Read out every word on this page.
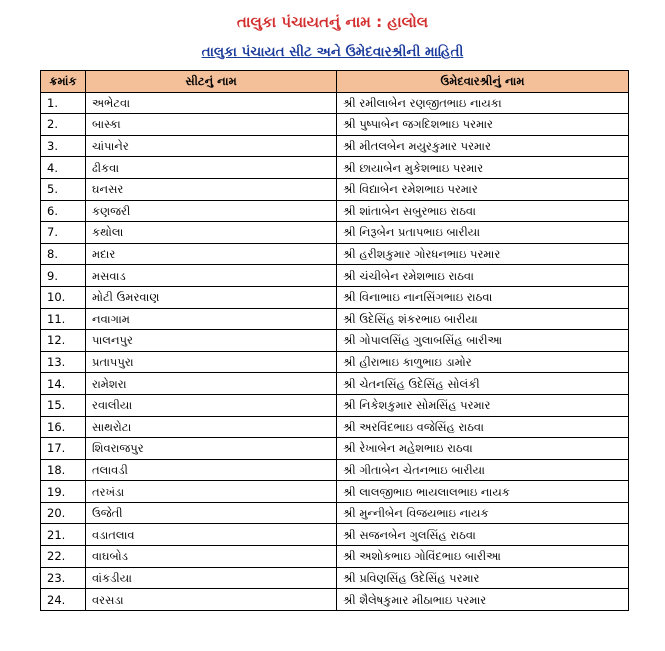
તાલુકા પંચાયતનું નામ : હાલોલ
તાલુકા પંચાયત સીટ અને ઉમેદવારશ્રીની માહિતી
ક્રમાંક	સીટનું નામ	ઉમેદવારશ્રીનું નામ
1.	અભેટવા	શ્રી રમીલાબેન રણજીતભાઇ નાયકા
2.	બાસ્કા	શ્રી પુષ્પાબેન જગદિશભાઇ પરમાર
3.	ચાંપાનેર	શ્રી મીતલબેન મયુરકુમાર પરમાર
4.	ઢીકવા	શ્રી છાયાબેન મુકેશભાઇ પરમાર
5.	ઘનસર	શ્રી વિદ્યાબેન રમેશભાઇ પરમાર
6.	કણજરી	શ્રી શાંતાબેન સબુરભાઇ રાઠવા
7.	કથોલા	શ્રી નિરૂબેન પ્રતાપભાઇ બારીયા
8.	મદાર	શ્રી હરીશકુમાર ગોરધનભાઇ પરમાર
9.	મસવાડ	શ્રી ચંચીબેન રમેશભાઇ રાઠવા
10.	મોટી ઉમરવાણ	શ્રી વિનાભાઇ નાનસિંગભાઇ રાઠવા
11.	નવાગામ	શ્રી ઉદેસિંહ શંકરભાઇ બારીયા
12.	પાલનપુર	શ્રી ગોપાલસિંહ ગુલાબસિંહ બારીઆ
13.	પ્રતાપપુરા	શ્રી હીરાભાઇ કાળુભાઇ ડામોર
14.	રામેશરા	શ્રી ચેતનસિંહ ઉદેસિંહ સોલંકી
15.	રવાલીયા	શ્રી નિકેશકુમાર સોમસિંહ પરમાર
16.	સાથરોટા	શ્રી અરવિંદભાઇ વજેસિંહ રાઠવા
17.	શિવરાજપુર	શ્રી રેખાબેન મહેશભાઇ રાઠવા
18.	તલાવડી	શ્રી ગીતાબેન ચેતનભાઇ બારીયા
19.	તરખંડા	શ્રી લાલજીભાઇ ભાયલાલભાઇ નાયક
20.	ઉજેતી	શ્રી મુન્નીબેન વિજયભાઇ નાયક
21.	વડાતલાવ	શ્રી સજનબેન ગુલસિંહ રાઠવા
22.	વાઘબોડ	શ્રી અશોકભાઇ ગોવિંદભાઇ બારીઆ
23.	વાંકડીયા	શ્રી પ્રવિણસિંહ ઉદેસિંહ પરમાર
24.	વરસડા	શ્રી શૈલેષકુમાર મીઠાભાઇ પરમાર
